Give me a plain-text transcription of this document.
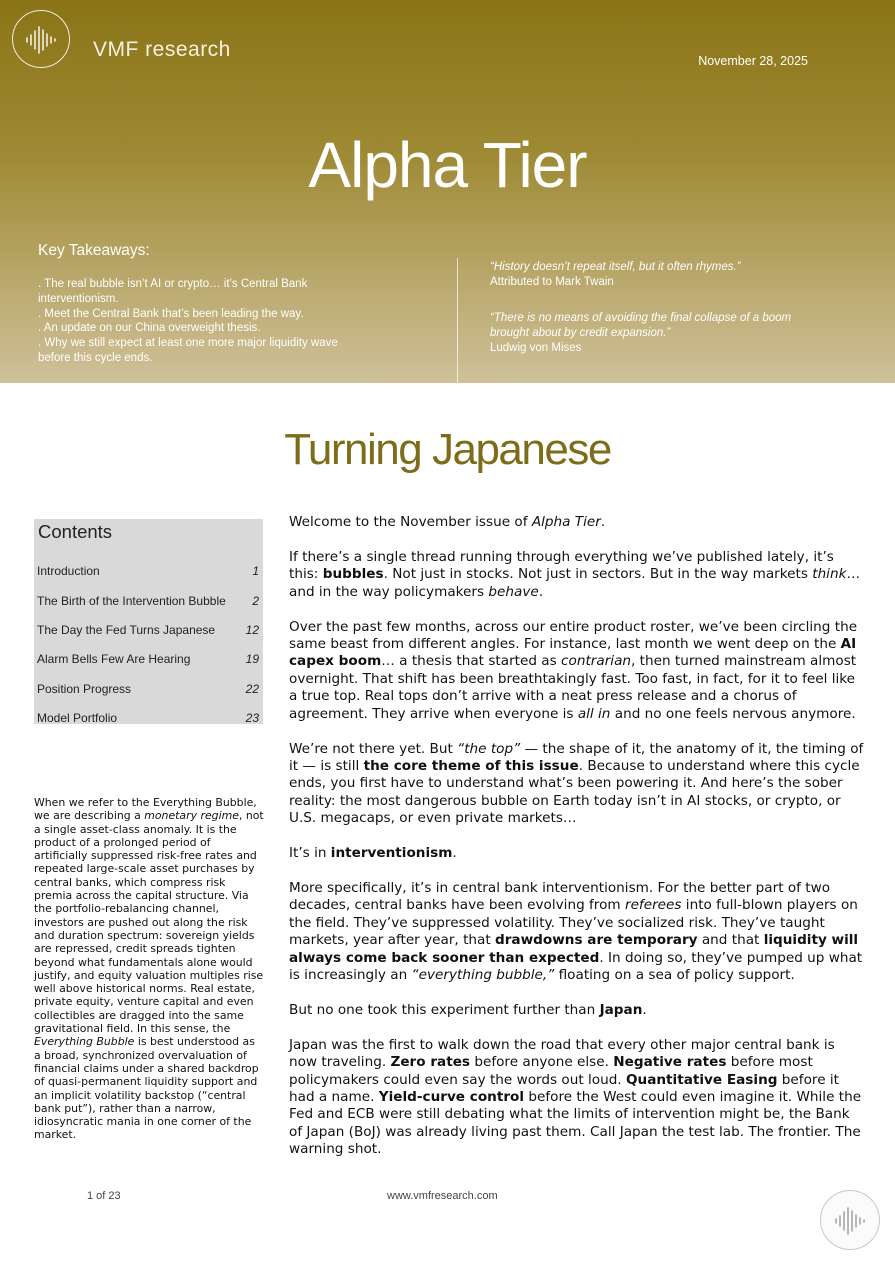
VMF research	November 28, 2025
Alpha Tier
Key Takeaways:
. The real bubble isn’t AI or crypto… it’s Central Bank interventionism.
. Meet the Central Bank that’s been leading the way.
. An update on our China overweight thesis.
. Why we still expect at least one more major liquidity wave before this cycle ends.
“History doesn’t repeat itself, but it often rhymes.”
Attributed to Mark Twain
“There is no means of avoiding the final collapse of a boom brought about by credit expansion.”
Ludwig von Mises
Turning Japanese
Contents
Introduction	1
The Birth of the Intervention Bubble 2
The Day the Fed Turns Japanese	12
Alarm Bells Few Are Hearing	19
Position Progress	22
Model Portfolio	23
When we refer to the Everything Bubble, we are describing a monetary regime, not a single asset-class anomaly. It is the product of a prolonged period of artificially suppressed risk-free rates and repeated large-scale asset purchases by central banks, which compress risk premia across the capital structure. Via the portfolio-rebalancing channel, investors are pushed out along the risk and duration spectrum: sovereign yields are repressed, credit spreads tighten beyond what fundamentals alone would justify, and equity valuation multiples rise well above historical norms. Real estate, private equity, venture capital and even collectibles are dragged into the same gravitational field. In this sense, the Everything Bubble is best understood as a broad, synchronized overvaluation of financial claims under a shared backdrop of quasi-permanent liquidity support and an implicit volatility backstop (“central bank put”), rather than a narrow, idiosyncratic mania in one corner of the market.

Welcome to the November issue of Alpha Tier.

If there’s a single thread running through everything we’ve published lately, it’s this: bubbles. Not just in stocks. Not just in sectors. But in the way markets think… and in the way policymakers behave.

Over the past few months, across our entire product roster, we’ve been circling the same beast from different angles. For instance, last month we went deep on the AI capex boom… a thesis that started as contrarian, then turned mainstream almost overnight. That shift has been breathtakingly fast. Too fast, in fact, for it to feel like a true top. Real tops don’t arrive with a neat press release and a chorus of agreement. They arrive when everyone is all in and no one feels nervous anymore.

We’re not there yet. But “the top” — the shape of it, the anatomy of it, the timing of it — is still the core theme of this issue. Because to understand where this cycle ends, you first have to understand what’s been powering it. And here’s the sober reality: the most dangerous bubble on Earth today isn’t in AI stocks, or crypto, or U.S. megacaps, or even private markets…

It’s in interventionism.

More specifically, it’s in central bank interventionism. For the better part of two decades, central banks have been evolving from referees into full-blown players on the field. They’ve suppressed volatility. They’ve socialized risk. They’ve taught markets, year after year, that drawdowns are temporary and that liquidity will always come back sooner than expected. In doing so, they’ve pumped up what is increasingly an “everything bubble,” floating on a sea of policy support.

But no one took this experiment further than Japan.

Japan was the first to walk down the road that every other major central bank is now traveling. Zero rates before anyone else. Negative rates before most policymakers could even say the words out loud. Quantitative Easing before it had a name. Yield-curve control before the West could even imagine it. While the Fed and ECB were still debating what the limits of intervention might be, the Bank of Japan (BoJ) was already living past them. Call Japan the test lab. The frontier. The warning shot.

1 of 23	www.vmfresearch.com
